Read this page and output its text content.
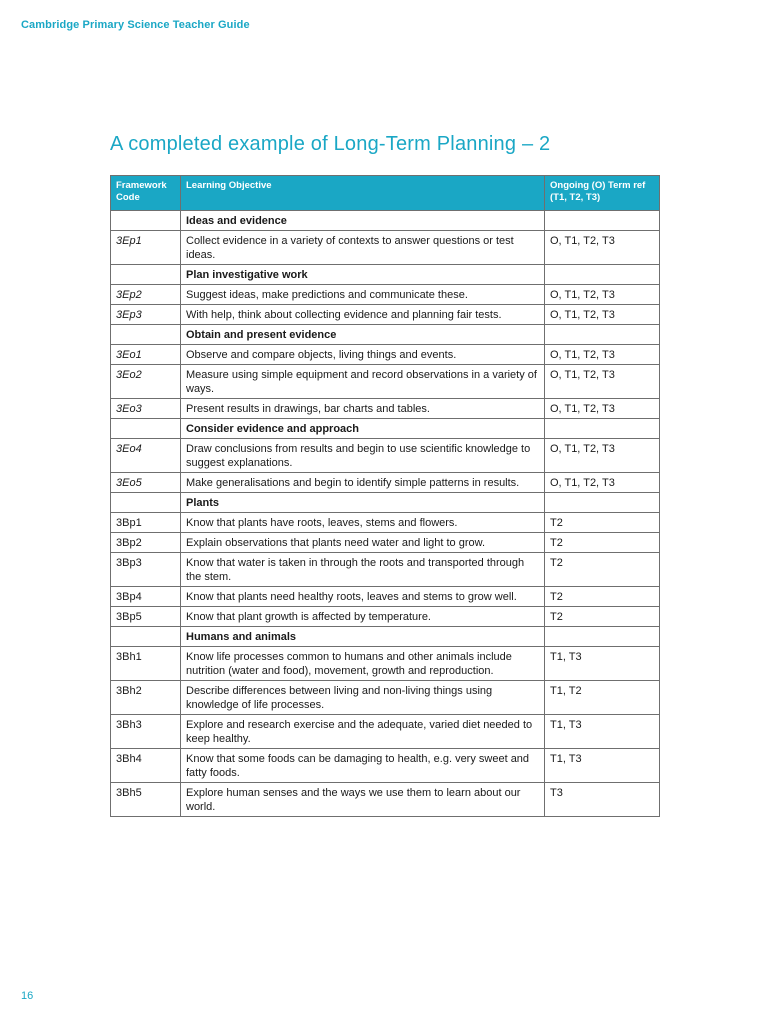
Cambridge Primary Science Teacher Guide
A completed example of Long-Term Planning – 2
Framework Code	Learning Objective	Ongoing (O) Term ref (T1, T2, T3)
	Ideas and evidence	
3Ep1	Collect evidence in a variety of contexts to answer questions or test ideas.	O, T1, T2, T3
	Plan investigative work	
3Ep2	Suggest ideas, make predictions and communicate these.	O, T1, T2, T3
3Ep3	With help, think about collecting evidence and planning fair tests.	O, T1, T2, T3
	Obtain and present evidence	
3Eo1	Observe and compare objects, living things and events.	O, T1, T2, T3
3Eo2	Measure using simple equipment and record observations in a variety of ways.	O, T1, T2, T3
3Eo3	Present results in drawings, bar charts and tables.	O, T1, T2, T3
	Consider evidence and approach	
3Eo4	Draw conclusions from results and begin to use scientific knowledge to suggest explanations.	O, T1, T2, T3
3Eo5	Make generalisations and begin to identify simple patterns in results.	O, T1, T2, T3
	Plants	
3Bp1	Know that plants have roots, leaves, stems and flowers.	T2
3Bp2	Explain observations that plants need water and light to grow.	T2
3Bp3	Know that water is taken in through the roots and transported through the stem.	T2
3Bp4	Know that plants need healthy roots, leaves and stems to grow well.	T2
3Bp5	Know that plant growth is affected by temperature.	T2
	Humans and animals	
3Bh1	Know life processes common to humans and other animals include nutrition (water and food), movement, growth and reproduction.	T1, T3
3Bh2	Describe differences between living and non-living things using knowledge of life processes.	T1, T2
3Bh3	Explore and research exercise and the adequate, varied diet needed to keep healthy.	T1, T3
3Bh4	Know that some foods can be damaging to health, e.g. very sweet and fatty foods.	T1, T3
3Bh5	Explore human senses and the ways we use them to learn about our world.	T3
16
